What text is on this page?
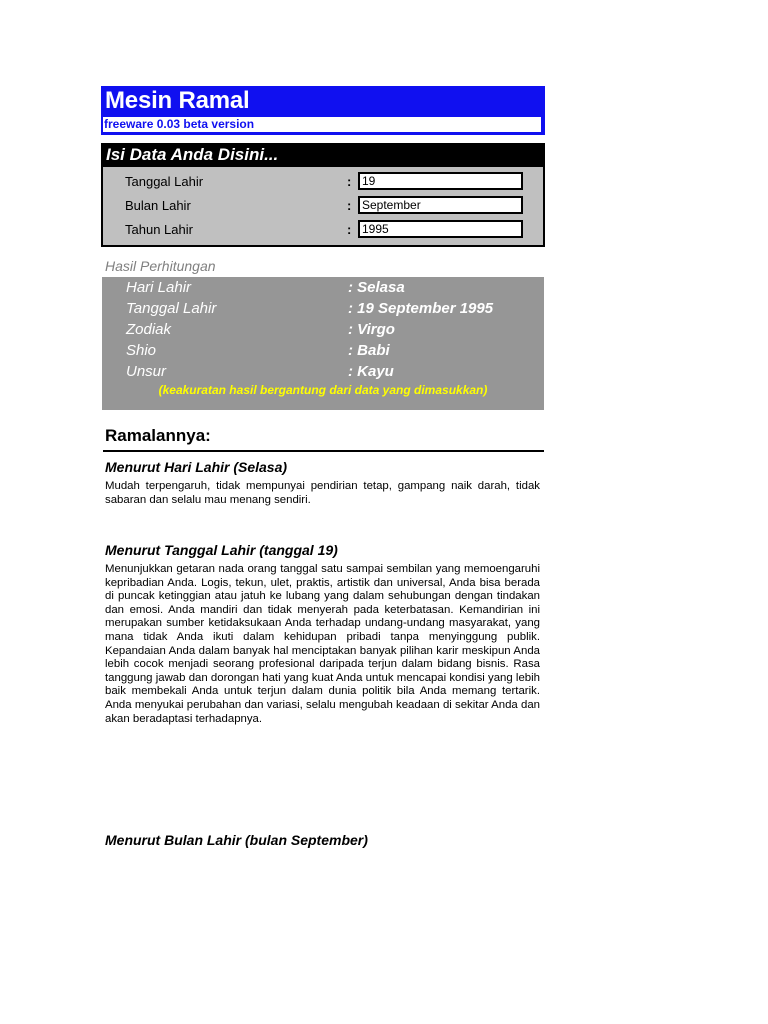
Mesin Ramal
freeware 0.03 beta version
Isi Data Anda Disini...
Tanggal Lahir	: 19
Bulan Lahir	: September
Tahun Lahir	: 1995
Hasil Perhitungan
Hari Lahir	: Selasa
Tanggal Lahir	: 19 September 1995
Zodiak	: Virgo
Shio	: Babi
Unsur	: Kayu
(keakuratan hasil bergantung dari data yang dimasukkan)
Ramalannya:
Menurut Hari Lahir (Selasa)
Mudah terpengaruh, tidak mempunyai pendirian tetap, gampang naik darah, tidak sabaran dan selalu mau menang sendiri.
Menurut Tanggal Lahir (tanggal 19)
Menunjukkan getaran nada orang tanggal satu sampai sembilan yang memoengaruhi kepribadian Anda. Logis, tekun, ulet, praktis, artistik dan universal, Anda bisa berada di puncak ketinggian atau jatuh ke lubang yang dalam sehubungan dengan tindakan dan emosi. Anda mandiri dan tidak menyerah pada keterbatasan. Kemandirian ini merupakan sumber ketidaksukaan Anda terhadap undang-undang masyarakat, yang mana tidak Anda ikuti dalam kehidupan pribadi tanpa menyinggung publik. Kepandaian Anda dalam banyak hal menciptakan banyak pilihan karir meskipun Anda lebih cocok menjadi seorang profesional daripada terjun dalam bidang bisnis. Rasa tanggung jawab dan dorongan hati yang kuat Anda untuk mencapai kondisi yang lebih baik membekali Anda untuk terjun dalam dunia politik bila Anda memang tertarik. Anda menyukai perubahan dan variasi, selalu mengubah keadaan di sekitar Anda dan akan beradaptasi terhadapnya.
Menurut Bulan Lahir (bulan September)
